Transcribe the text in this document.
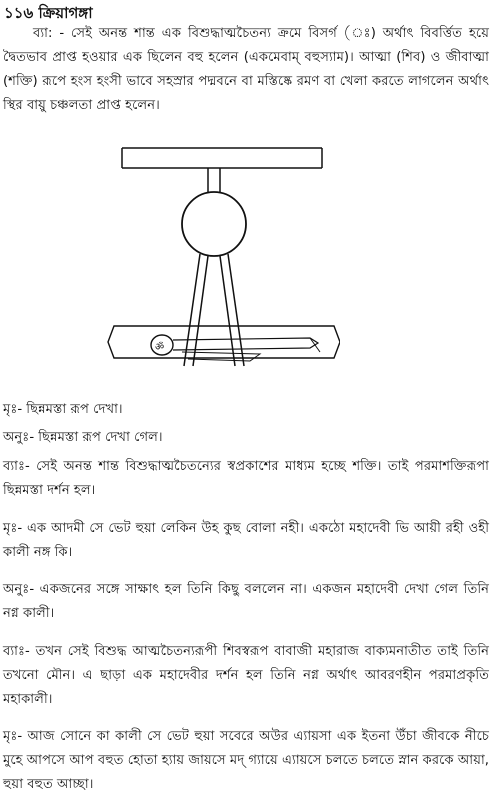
১১৬ ক্রিয়াগঙ্গা
ব্যা: - সেই অনন্ত শান্ত এক বিশুদ্ধাত্মচৈতন্য ক্রমে বিসর্গ (ঃ) অর্থাৎ বিবর্ত্তিত হয়ে দ্বৈতভাব প্রাপ্ত হওয়ার এক ছিলেন বহু হলেন (একমেবাম্ বহুস্যাম)। আত্মা (শিব) ও জীবাত্মা (শক্তি) রূপে হংস হংসী ভাবে সহস্রার পদ্মবনে বা মস্তিষ্কে রমণ বা খেলা করতে লাগলেন অর্থাৎ স্থির বায়ু চঞ্চলতা প্রাপ্ত হলেন।
ॐ
মৃঃ- ছিন্নমস্তা রূপ দেখা।
অনুঃ- ছিন্নমস্তা রূপ দেখা গেল।
ব্যাঃ- সেই অনন্ত শান্ত বিশুদ্ধাত্মচৈতন্যের স্বপ্রকাশের মাধ্যম হচ্ছে শক্তি। তাই পরমাশক্তিরূপা ছিন্নমস্তা দর্শন হল।
মৃঃ- এক আদমী সে ভেট হুয়া লেকিন উহ কুছ বোলা নহী। একঠো মহাদেবী ভি আয়ী রহী ওহী কালী নঙ্গ কি।
অনুঃ- একজনের সঙ্গে সাক্ষাৎ হল তিনি কিছু বললেন না। একজন মহাদেবী দেখা গেল তিনি নগ্ন কালী।
ব্যাঃ- তখন সেই বিশুদ্ধ আত্মচৈতন্যরূপী শিবস্বরূপ বাবাজী মহারাজ বাক্যমনাতীত তাই তিনি তখনো মৌন। এ ছাড়া এক মহাদেবীর দর্শন হল তিনি নগ্ন অর্থাৎ আবরণহীন পরমাপ্রকৃতি মহাকালী।
মৃঃ- আজ সোনে কা কালী সে ভেট হুয়া সবেরে অউর এ্যায়সা এক ইতনা উঁচা জীবকে নীচে মুহে আপসে আপ বহুত হোতা হ্যায় জায়সে মদ্ গ্যায়ে এ্যায়সে চলতে চলতে স্নান করকে আয়া, হুয়া বহুত আচ্ছা।
